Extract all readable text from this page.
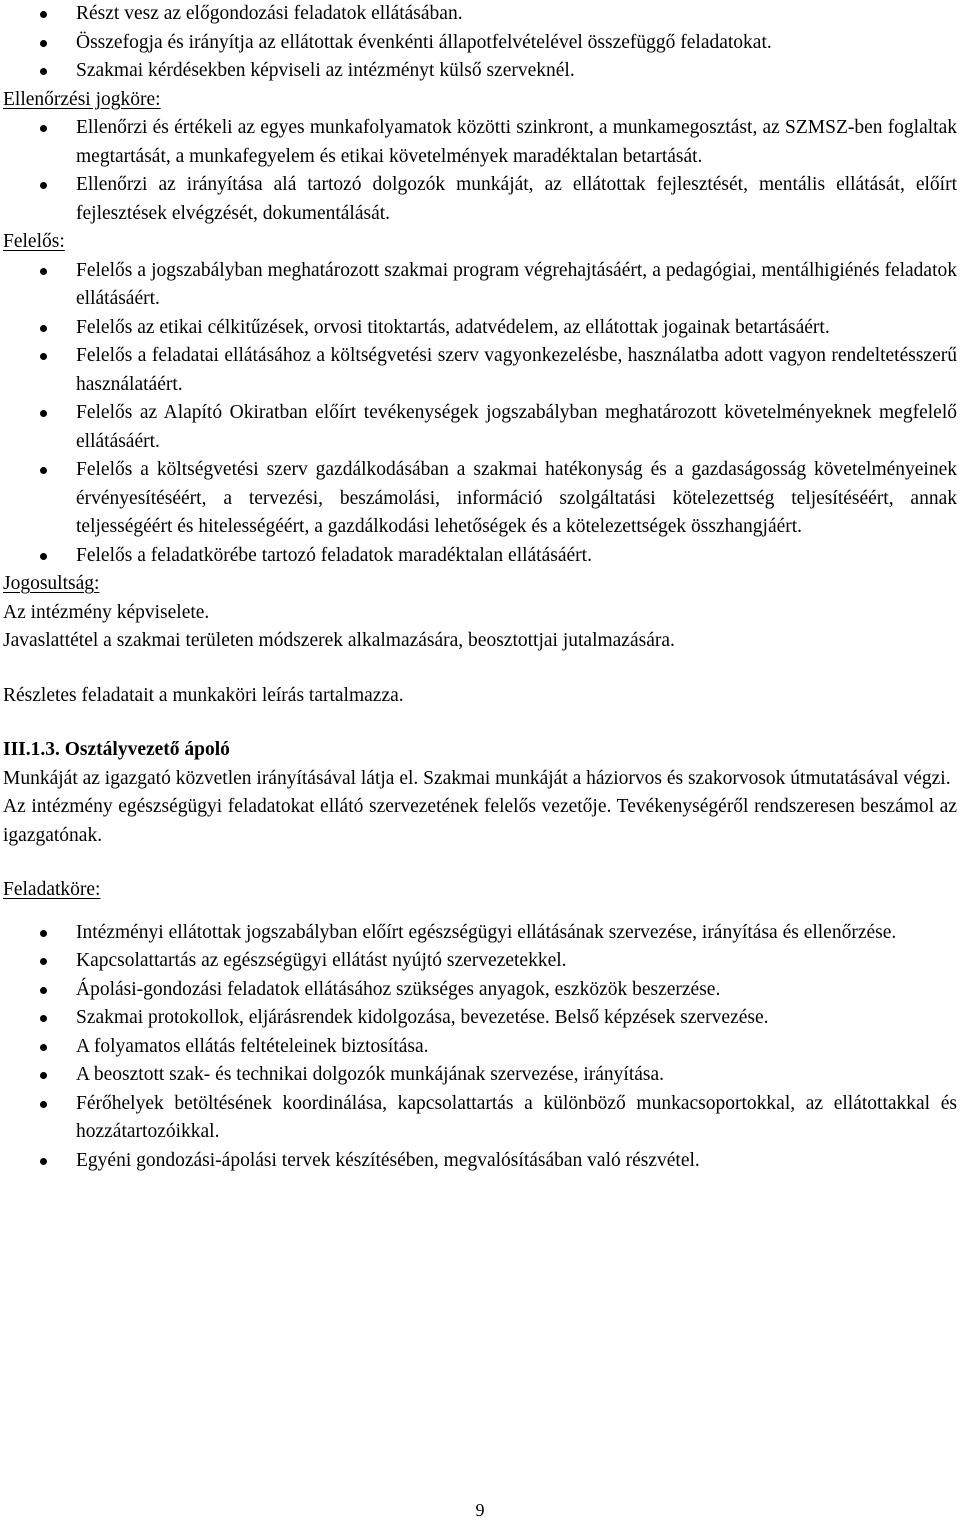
Részt vesz az előgondozási feladatok ellátásában.
Összefogja és irányítja az ellátottak évenkénti állapotfelvételével összefüggő feladatokat.
Szakmai kérdésekben képviseli az intézményt külső szerveknél.
Ellenőrzési jogköre:
Ellenőrzi és értékeli az egyes munkafolyamatok közötti szinkront, a munkamegosztást, az SZMSZ-ben foglaltak megtartását, a munkafegyelem és etikai követelmények maradéktalan betartását.
Ellenőrzi az irányítása alá tartozó dolgozók munkáját, az ellátottak fejlesztését, mentális ellátását, előírt fejlesztések elvégzését, dokumentálását.
Felelős:
Felelős a jogszabályban meghatározott szakmai program végrehajtásáért, a pedagógiai, mentálhigiénés feladatok ellátásáért.
Felelős az etikai célkitűzések, orvosi titoktartás, adatvédelem, az ellátottak jogainak betartásáért.
Felelős a feladatai ellátásához a költségvetési szerv vagyonkezelésbe, használatba adott vagyon rendeltetésszerű használatáért.
Felelős az Alapító Okiratban előírt tevékenységek jogszabályban meghatározott követelményeknek megfelelő ellátásáért.
Felelős a költségvetési szerv gazdálkodásában a szakmai hatékonyság és a gazdaságosság követelményeinek érvényesítéséért, a tervezési, beszámolási, információ szolgáltatási kötelezettség teljesítéséért, annak teljességéért és hitelességéért, a gazdálkodási lehetőségek és a kötelezettségek összhangjáért.
Felelős a feladatkörébe tartozó feladatok maradéktalan ellátásáért.
Jogosultság:
Az intézmény képviselete.
Javaslattétel a szakmai területen módszerek alkalmazására, beosztottjai jutalmazására.
Részletes feladatait a munkaköri leírás tartalmazza.
III.1.3. Osztályvezető ápoló
Munkáját az igazgató közvetlen irányításával látja el. Szakmai munkáját a háziorvos és szakorvosok útmutatásával végzi.
Az intézmény egészségügyi feladatokat ellátó szervezetének felelős vezetője. Tevékenységéről rendszeresen beszámol az igazgatónak.
Feladatköre:
Intézményi ellátottak jogszabályban előírt egészségügyi ellátásának szervezése, irányítása és ellenőrzése.
Kapcsolattartás az egészségügyi ellátást nyújtó szervezetekkel.
Ápolási-gondozási feladatok ellátásához szükséges anyagok, eszközök beszerzése.
Szakmai protokollok, eljárásrendek kidolgozása, bevezetése. Belső képzések szervezése.
A folyamatos ellátás feltételeinek biztosítása.
A beosztott szak- és technikai dolgozók munkájának szervezése, irányítása.
Férőhelyek betöltésének koordinálása, kapcsolattartás a különböző munkacsoportokkal, az ellátottakkal és hozzátartozóikkal.
Egyéni gondozási-ápolási tervek készítésében, megvalósításában való részvétel.
9
